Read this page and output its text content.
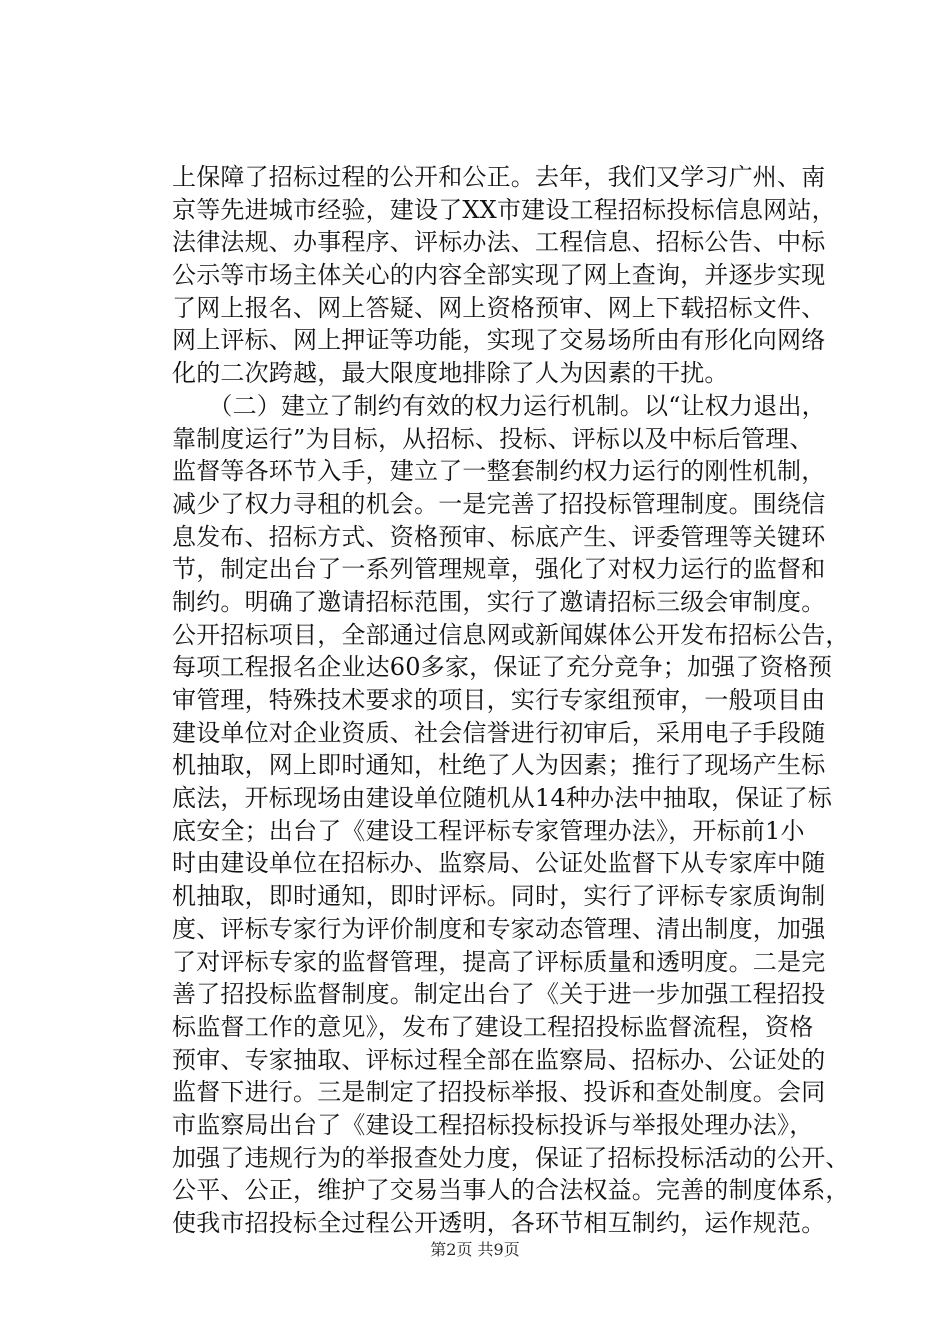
上保障了招标过程的公开和公正。去年，我们又学习广州、南
京等先进城市经验，建设了XX市建设工程招标投标信息网站，
法律法规、办事程序、评标办法、工程信息、招标公告、中标
公示等市场主体关心的内容全部实现了网上查询，并逐步实现
了网上报名、网上答疑、网上资格预审、网上下载招标文件、
网上评标、网上押证等功能，实现了交易场所由有形化向网络
化的二次跨越，最大限度地排除了人为因素的干扰。
　　（二）建立了制约有效的权力运行机制。以“让权力退出，
靠制度运行”为目标，从招标、投标、评标以及中标后管理、
监督等各环节入手，建立了一整套制约权力运行的刚性机制，
减少了权力寻租的机会。一是完善了招投标管理制度。围绕信
息发布、招标方式、资格预审、标底产生、评委管理等关键环
节，制定出台了一系列管理规章，强化了对权力运行的监督和
制约。明确了邀请招标范围，实行了邀请招标三级会审制度。
公开招标项目，全部通过信息网或新闻媒体公开发布招标公告，
每项工程报名企业达60多家，保证了充分竞争；加强了资格预
审管理，特殊技术要求的项目，实行专家组预审，一般项目由
建设单位对企业资质、社会信誉进行初审后，采用电子手段随
机抽取，网上即时通知，杜绝了人为因素；推行了现场产生标
底法，开标现场由建设单位随机从14种办法中抽取，保证了标
底安全；出台了《建设工程评标专家管理办法》，开标前1小
时由建设单位在招标办、监察局、公证处监督下从专家库中随
机抽取，即时通知，即时评标。同时，实行了评标专家质询制
度、评标专家行为评价制度和专家动态管理、清出制度，加强
了对评标专家的监督管理，提高了评标质量和透明度。二是完
善了招投标监督制度。制定出台了《关于进一步加强工程招投
标监督工作的意见》，发布了建设工程招投标监督流程，资格
预审、专家抽取、评标过程全部在监察局、招标办、公证处的
监督下进行。三是制定了招投标举报、投诉和查处制度。会同
市监察局出台了《建设工程招标投标投诉与举报处理办法》，
加强了违规行为的举报查处力度，保证了招标投标活动的公开、
公平、公正，维护了交易当事人的合法权益。完善的制度体系，
使我市招投标全过程公开透明，各环节相互制约，运作规范。
第2页 共9页
